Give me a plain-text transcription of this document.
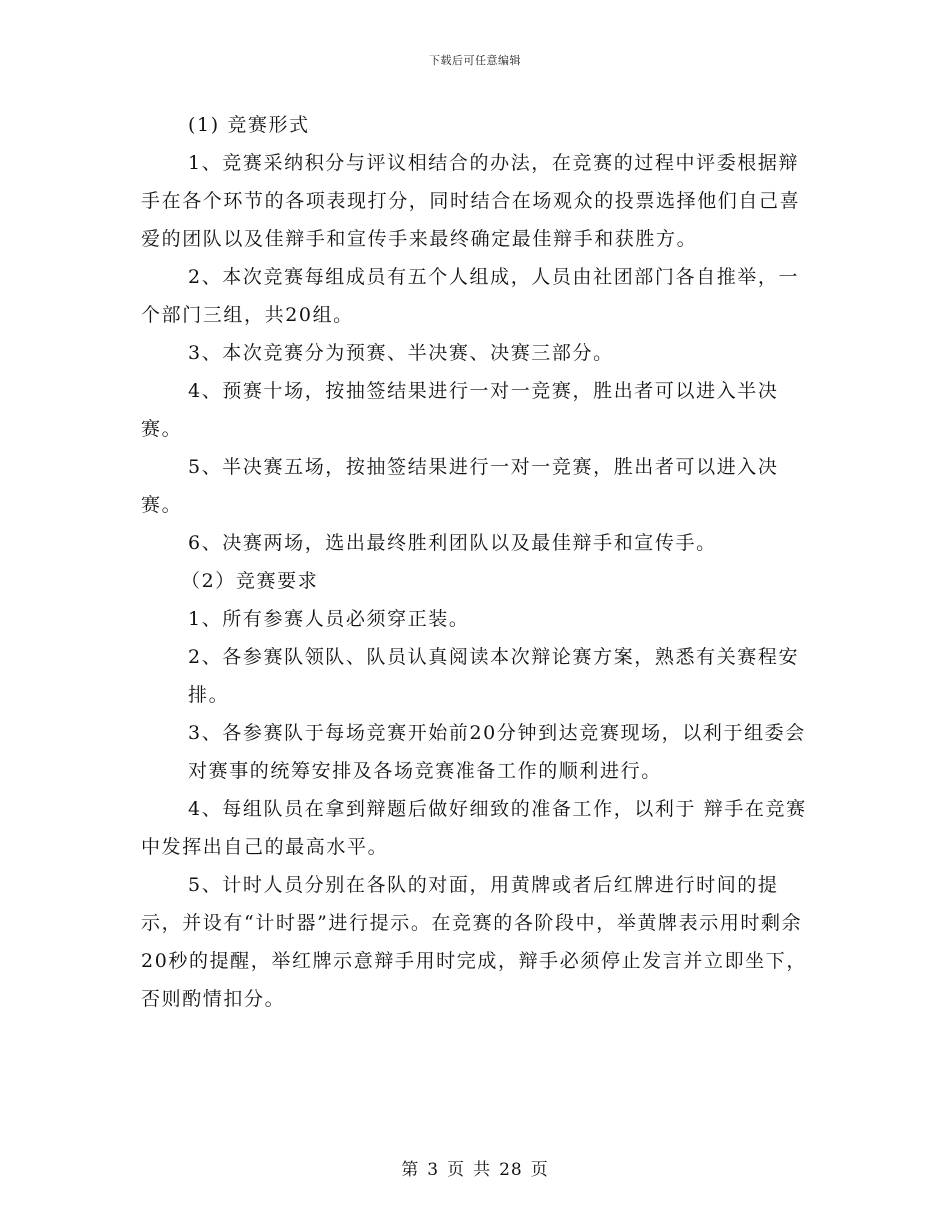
下载后可任意编辑

(1) 竞赛形式

1、竞赛采纳积分与评议相结合的办法，在竞赛的过程中评委根据辩手在各个环节的各项表现打分，同时结合在场观众的投票选择他们自己喜爱的团队以及佳辩手和宣传手来最终确定最佳辩手和获胜方。

2、本次竞赛每组成员有五个人组成，人员由社团部门各自推举，一个部门三组，共20组。

3、本次竞赛分为预赛、半决赛、决赛三部分。

4、预赛十场，按抽签结果进行一对一竞赛，胜出者可以进入半决赛。

5、半决赛五场，按抽签结果进行一对一竞赛，胜出者可以进入决赛。

6、决赛两场，选出最终胜利团队以及最佳辩手和宣传手。

（2）竞赛要求

1、所有参赛人员必须穿正装。

2、各参赛队领队、队员认真阅读本次辩论赛方案，熟悉有关赛程安

排。

3、各参赛队于每场竞赛开始前20分钟到达竞赛现场，以利于组委会

对赛事的统筹安排及各场竞赛准备工作的顺利进行。

4、每组队员在拿到辩题后做好细致的准备工作，以利于 辩手在竞赛中发挥出自己的最高水平。

5、计时人员分别在各队的对面，用黄牌或者后红牌进行时间的提示，并设有“计时器”进行提示。在竞赛的各阶段中，举黄牌表示用时剩余20秒的提醒，举红牌示意辩手用时完成，辩手必须停止发言并立即坐下，否则酌情扣分。

第 3 页 共 28 页
